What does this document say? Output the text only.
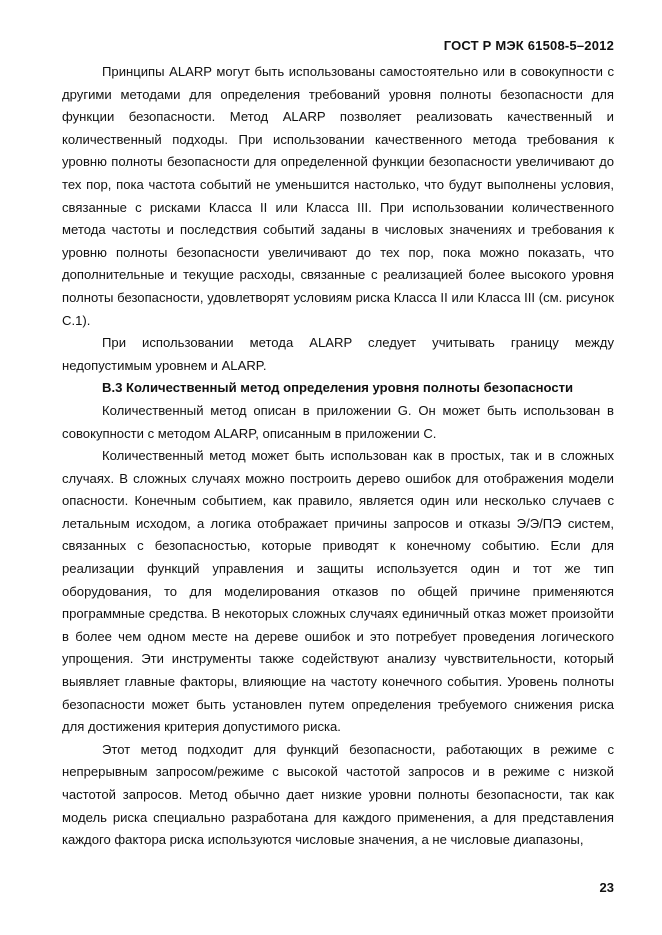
ГОСТ Р МЭК 61508-5–2012

Принципы ALARP могут быть использованы самостоятельно или в совокупности с другими методами для определения требований уровня полноты безопасности для функции безопасности. Метод ALARP позволяет реализовать качественный и количественный подходы. При использовании качественного метода требования к уровню полноты безопасности для определенной функции безопасности увеличивают до тех пор, пока частота событий не уменьшится настолько, что будут выполнены условия, связанные с рисками Класса II или Класса III. При использовании количественного метода частоты и последствия событий заданы в числовых значениях и требования к уровню полноты безопасности увеличивают до тех пор, пока можно показать, что дополнительные и текущие расходы, связанные с реализацией более высокого уровня полноты безопасности, удовлетворят условиям риска Класса II или Класса III (см. рисунок C.1).

При использовании метода ALARP следует учитывать границу между недопустимым уровнем и ALARP.

B.3 Количественный метод определения уровня полноты безопасности

Количественный метод описан в приложении G. Он может быть использован в совокупности с методом ALARP, описанным в приложении C.

Количественный метод может быть использован как в простых, так и в сложных случаях. В сложных случаях можно построить дерево ошибок для отображения модели опасности. Конечным событием, как правило, является один или несколько случаев с летальным исходом, а логика отображает причины запросов и отказы Э/Э/ПЭ систем, связанных с безопасностью, которые приводят к конечному событию. Если для реализации функций управления и защиты используется один и тот же тип оборудования, то для моделирования отказов по общей причине применяются программные средства. В некоторых сложных случаях единичный отказ может произойти в более чем одном месте на дереве ошибок и это потребует проведения логического упрощения. Эти инструменты также содействуют анализу чувствительности, который выявляет главные факторы, влияющие на частоту конечного события. Уровень полноты безопасности может быть установлен путем определения требуемого снижения риска для достижения критерия допустимого риска.

Этот метод подходит для функций безопасности, работающих в режиме с непрерывным запросом/режиме с высокой частотой запросов и в режиме с низкой частотой запросов. Метод обычно дает низкие уровни полноты безопасности, так как модель риска специально разработана для каждого применения, а для представления каждого фактора риска используются числовые значения, а не числовые диапазоны,

23
